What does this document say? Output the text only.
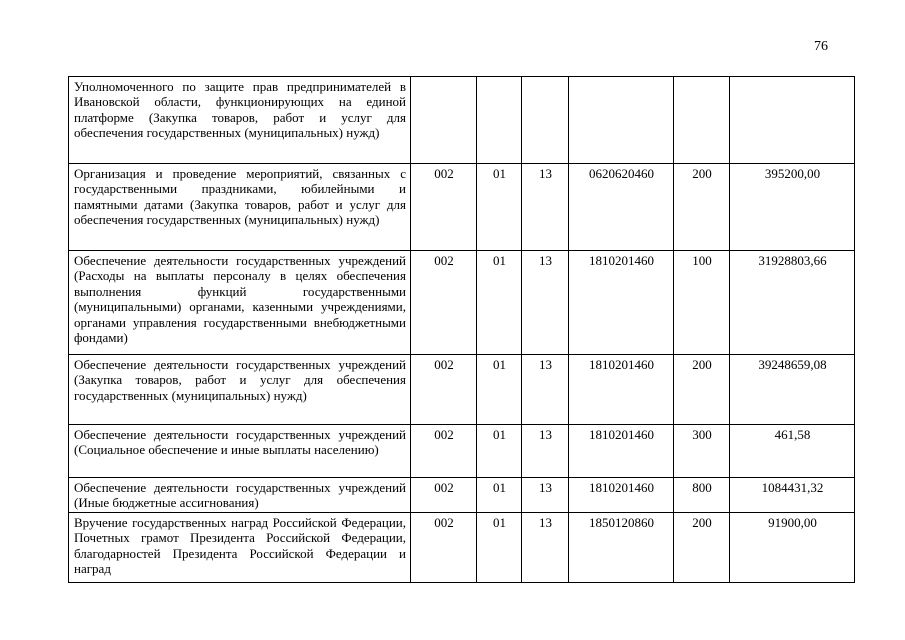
76
Уполномоченного по защите прав предпринимателей в Ивановской области, функционирующих на единой платформе (Закупка товаров, работ и услуг для обеспечения государственных (муниципальных) нужд)						
Организация и проведение мероприятий, связанных с государственными праздниками, юбилейными и памятными датами (Закупка товаров, работ и услуг для обеспечения государственных (муниципальных) нужд)	002	01	13	0620620460	200	395200,00
Обеспечение деятельности государственных учреждений (Расходы на выплаты персоналу в целях обеспечения выполнения функций государственными (муниципальными) органами, казенными учреждениями, органами управления государственными внебюджетными фондами)	002	01	13	1810201460	100	31928803,66
Обеспечение деятельности государственных учреждений (Закупка товаров, работ и услуг для обеспечения государственных (муниципальных) нужд)	002	01	13	1810201460	200	39248659,08
Обеспечение деятельности государственных учреждений (Социальное обеспечение и иные выплаты населению)	002	01	13	1810201460	300	461,58
Обеспечение деятельности государственных учреждений (Иные бюджетные ассигнования)	002	01	13	1810201460	800	1084431,32
Вручение государственных наград Российской Федерации, Почетных грамот Президента Российской Федерации, благодарностей Президента Российской Федерации и наград	002	01	13	1850120860	200	91900,00
